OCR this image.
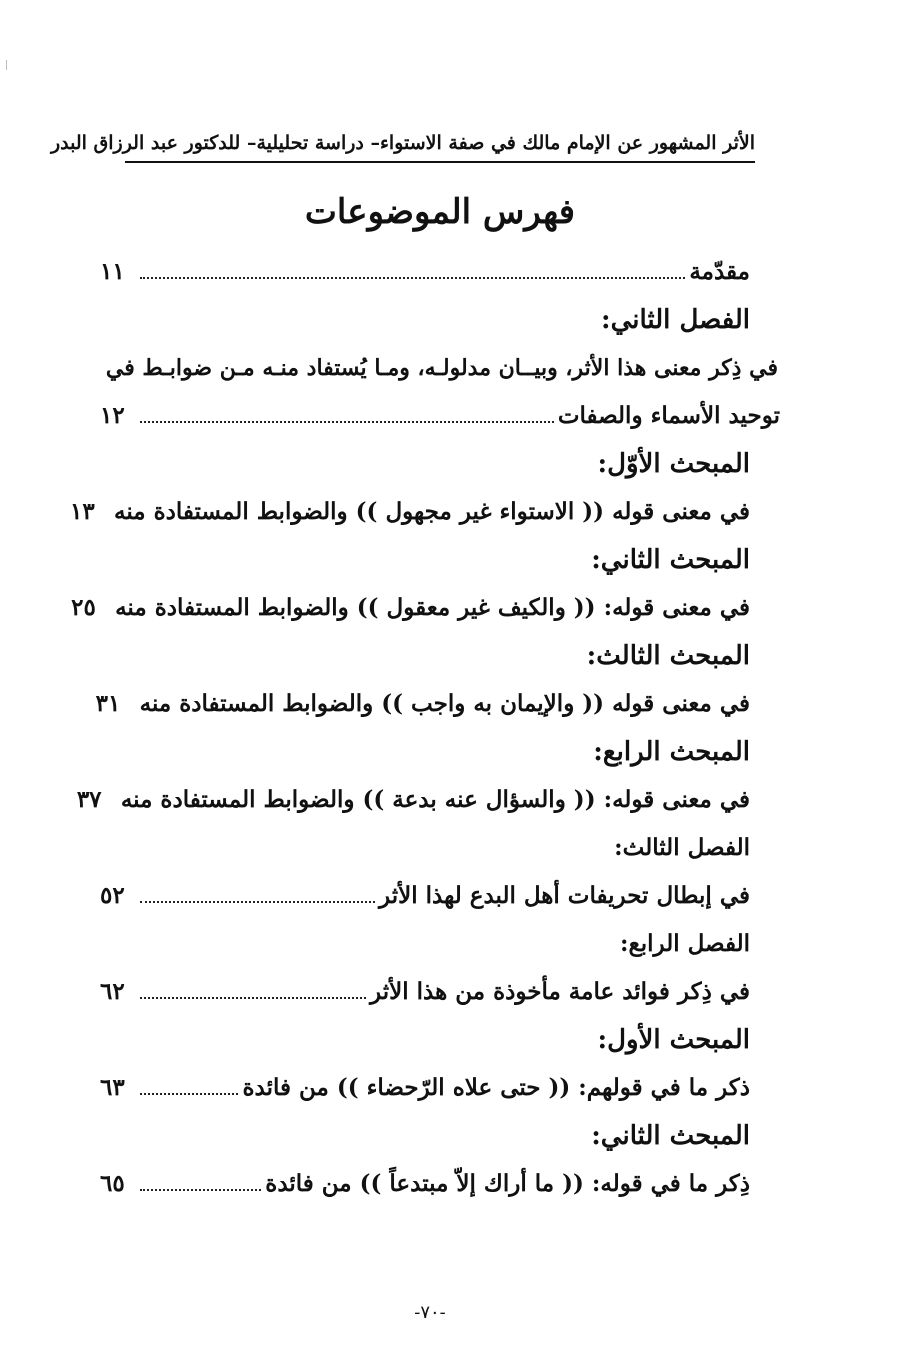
الأثر المشهور عن الإمام مالك في صفة الاستواء– دراسة تحليلية– للدكتور عبد الرزاق البدر
فهرس الموضوعات
مقدّمة
١١
الفصل الثاني:
في ذِكر معنى هذا الأثر، وبيــان مدلولـه، ومـا يُستفاد منـه مـن ضوابـط في
توحيد الأسماء والصفات
١٢
المبحث الأوّل:
في معنى قوله (( الاستواء غير مجهول )) والضوابط المستفادة منه
١٣
المبحث الثاني:
في معنى قوله: (( والكيف غير معقول )) والضوابط المستفادة منه
٢٥
المبحث الثالث:
في معنى قوله (( والإيمان به واجب )) والضوابط المستفادة منه
٣١
المبحث الرابع:
في معنى قوله: (( والسؤال عنه بدعة )) والضوابط المستفادة منه
٣٧
الفصل الثالث:
في إبطال تحريفات أهل البدع لهذا الأثر
٥٢
الفصل الرابع:
في ذِكر فوائد عامة مأخوذة من هذا الأثر
٦٢
المبحث الأول:
ذكر ما في قولهم: (( حتى علاه الرّحضاء )) من فائدة
٦٣
المبحث الثاني:
ذِكر ما في قوله: (( ما أراك إلاّ مبتدعاً )) من فائدة
٦٥
-٧٠-
